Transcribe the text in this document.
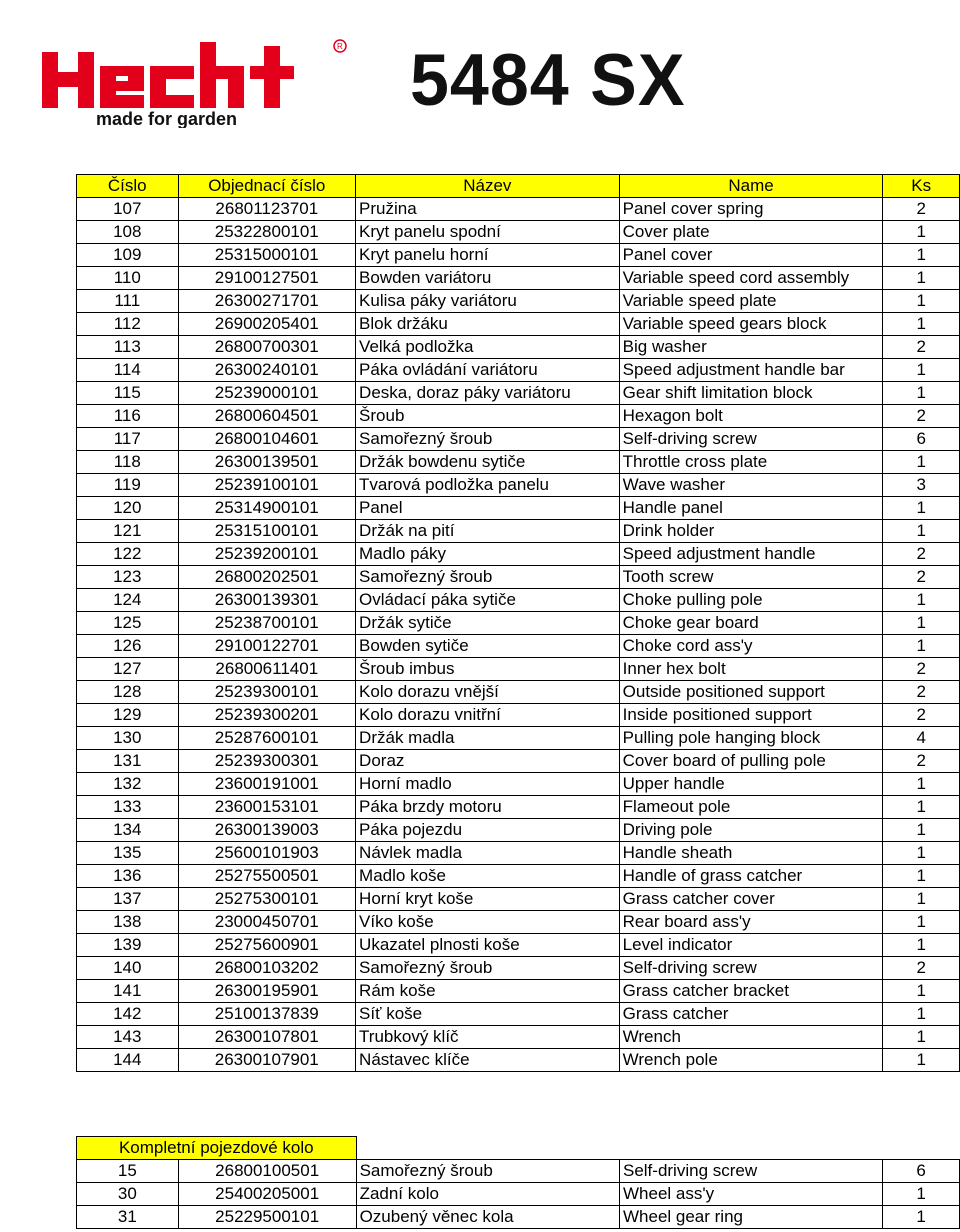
R
made for garden 5484 SX
Číslo	Objednací číslo	Název	Name	Ks
107	26801123701	Pružina	Panel cover spring	2
108	25322800101	Kryt panelu spodní	Cover plate	1
109	25315000101	Kryt panelu horní	Panel cover	1
110	29100127501	Bowden variátoru	Variable speed cord assembly	1
111	26300271701	Kulisa páky variátoru	Variable speed plate	1
112	26900205401	Blok držáku	Variable speed gears block	1
113	26800700301	Velká podložka	Big washer	2
114	26300240101	Páka ovládání variátoru	Speed adjustment handle bar	1
115	25239000101	Deska, doraz páky variátoru	Gear shift limitation block	1
116	26800604501	Šroub	Hexagon bolt	2
117	26800104601	Samořezný šroub	Self-driving screw	6
118	26300139501	Držák bowdenu sytiče	Throttle cross plate	1
119	25239100101	Tvarová podložka panelu	Wave washer	3
120	25314900101	Panel	Handle panel	1
121	25315100101	Držák na pití	Drink holder	1
122	25239200101	Madlo páky	Speed adjustment handle	2
123	26800202501	Samořezný šroub	Tooth screw	2
124	26300139301	Ovládací páka sytiče	Choke pulling pole	1
125	25238700101	Držák sytiče	Choke gear board	1
126	29100122701	Bowden sytiče	Choke cord ass'y	1
127	26800611401	Šroub imbus	Inner hex bolt	2
128	25239300101	Kolo dorazu vnější	Outside positioned support	2
129	25239300201	Kolo dorazu vnitřní	Inside positioned support	2
130	25287600101	Držák madla	Pulling pole hanging block	4
131	25239300301	Doraz	Cover board of pulling pole	2
132	23600191001	Horní madlo	Upper handle	1
133	23600153101	Páka brzdy motoru	Flameout pole	1
134	26300139003	Páka pojezdu	Driving pole	1
135	25600101903	Návlek madla	Handle sheath	1
136	25275500501	Madlo koše	Handle of grass catcher	1
137	25275300101	Horní kryt koše	Grass catcher cover	1
138	23000450701	Víko koše	Rear board ass'y	1
139	25275600901	Ukazatel plnosti koše	Level indicator	1
140	26800103202	Samořezný šroub	Self-driving screw	2
141	26300195901	Rám koše	Grass catcher bracket	1
142	25100137839	Síť koše	Grass catcher	1
143	26300107801	Trubkový klíč	Wrench	1
144	26300107901	Nástavec klíče	Wrench pole	1
Kompletní pojezdové kolo				
15	26800100501	Samořezný šroub	Self-driving screw	6
30	25400205001	Zadní kolo	Wheel ass'y	1
31	25229500101	Ozubený věnec kola	Wheel gear ring	1
